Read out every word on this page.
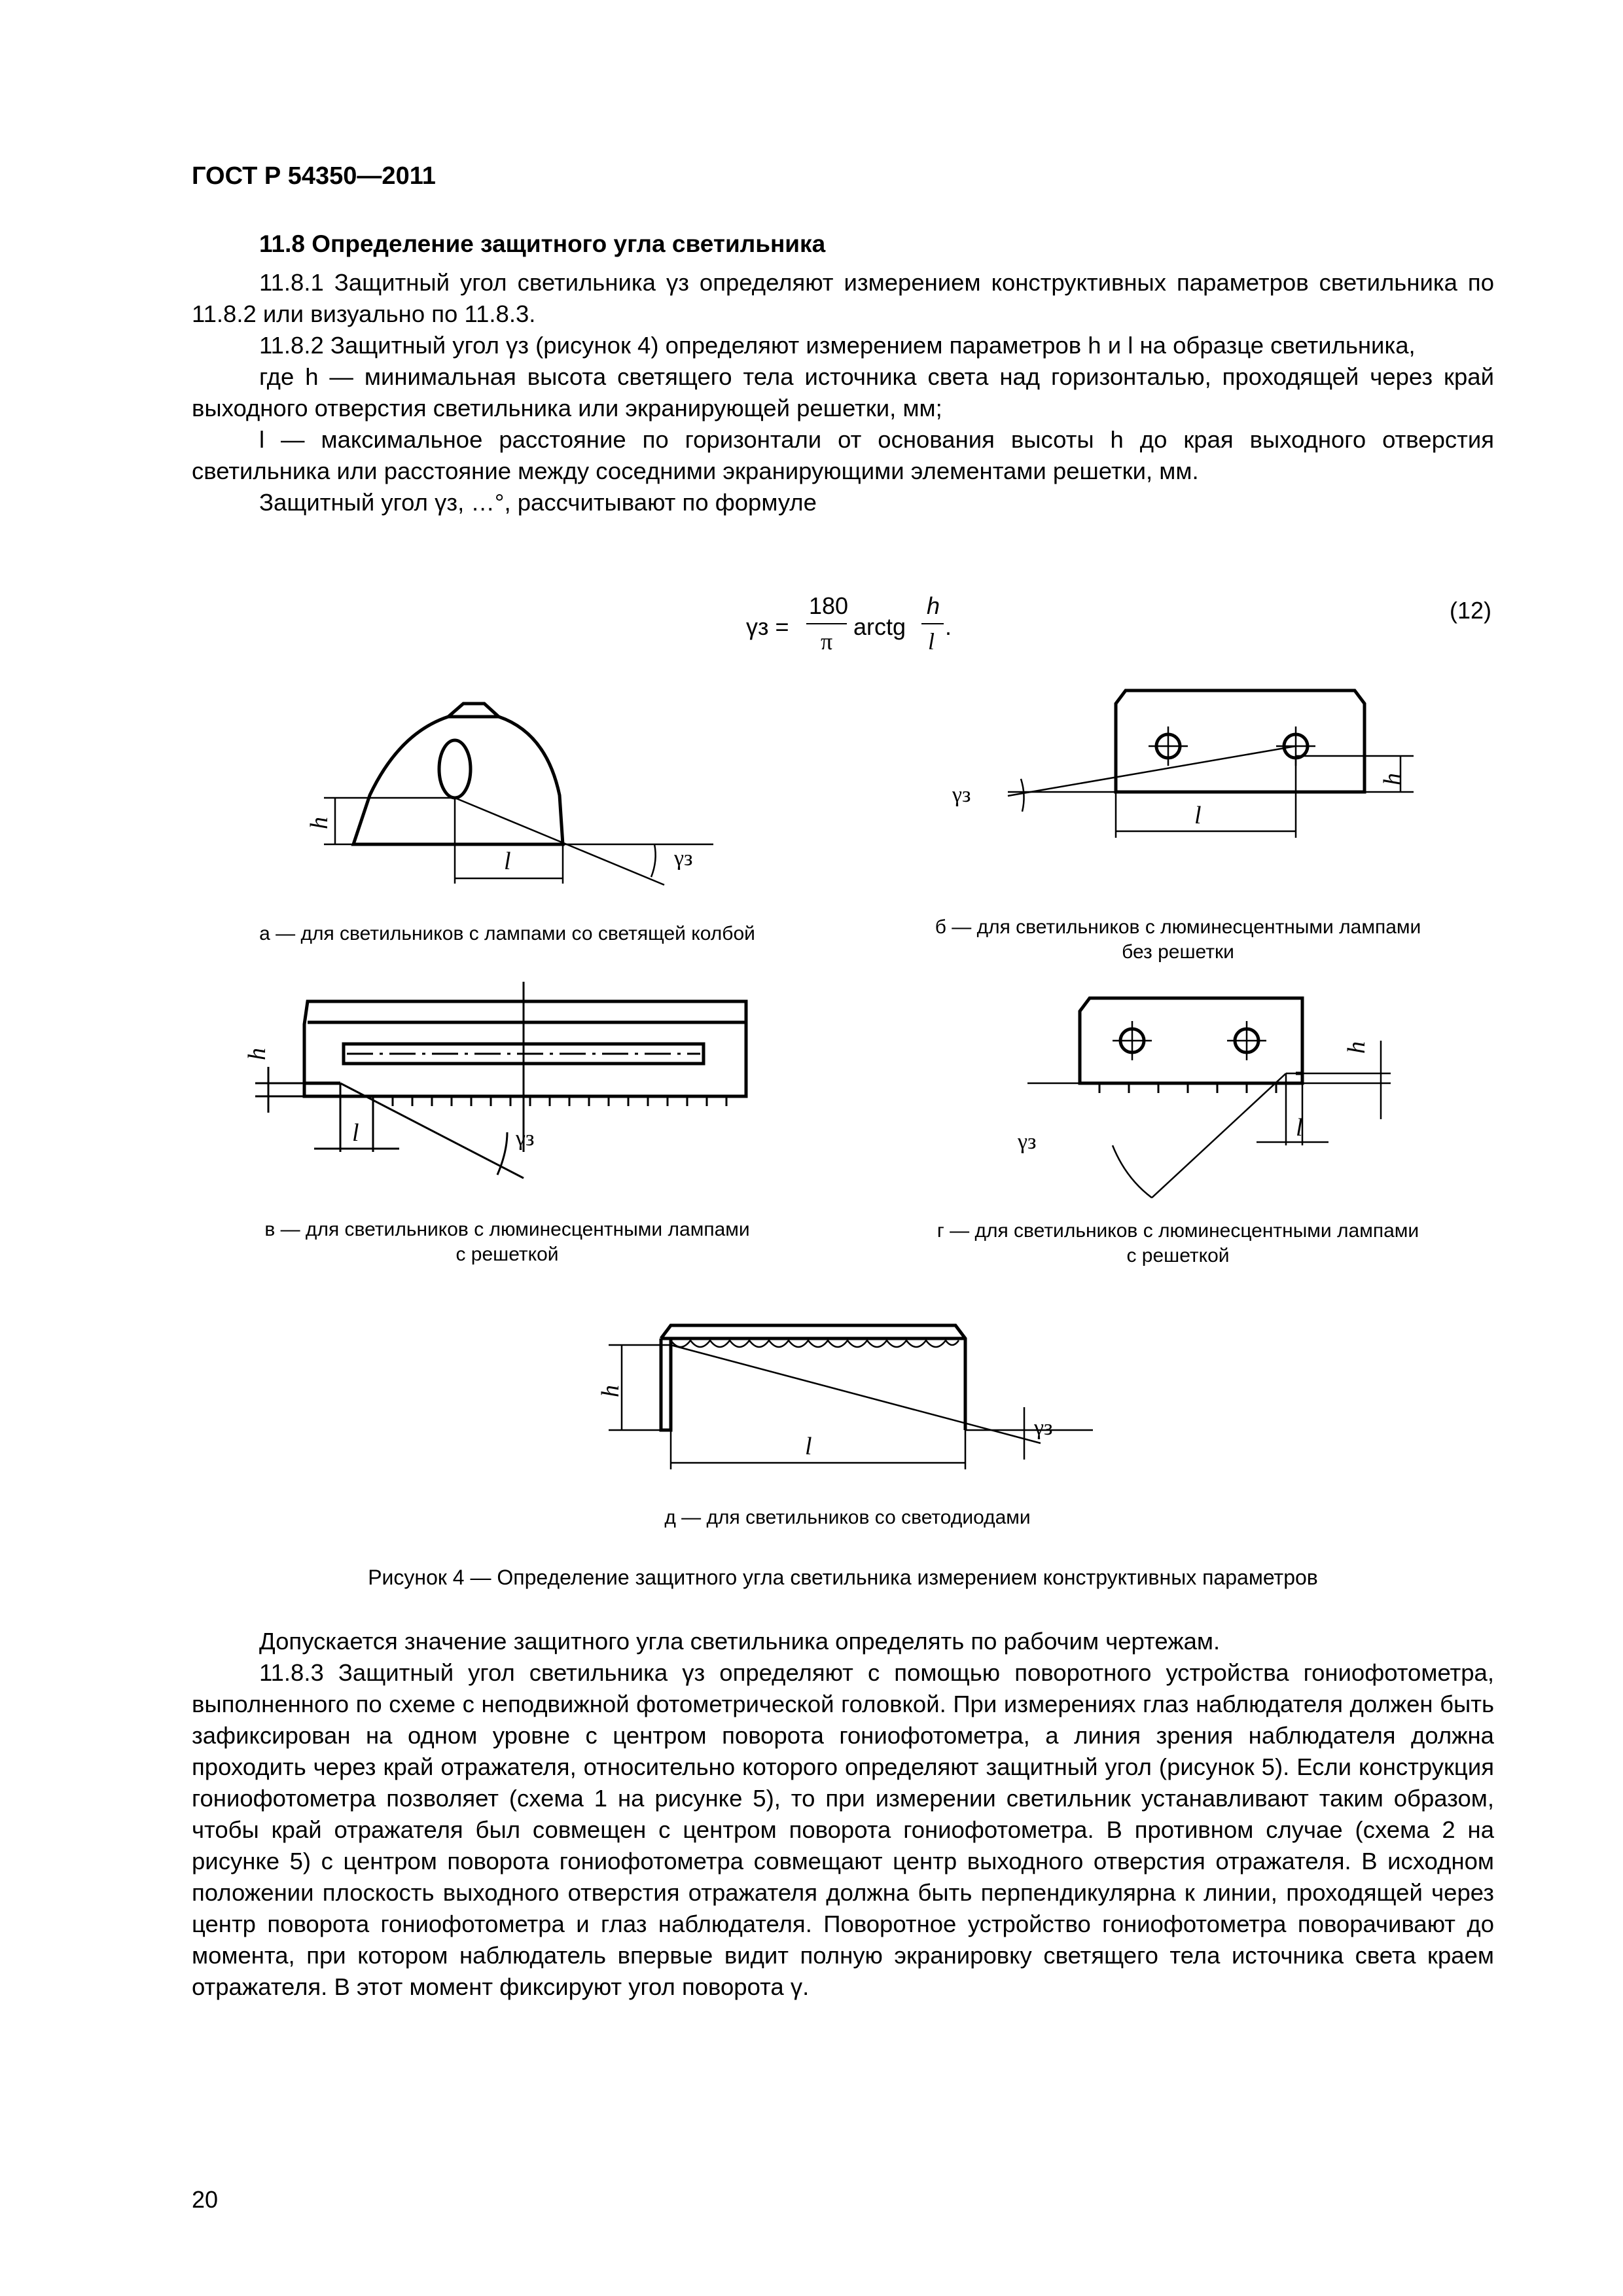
ГОСТ Р 54350—2011
11.8 Определение защитного угла светильника

11.8.1 Защитный угол светильника γз определяют измерением конструктивных параметров светильника по 11.8.2 или визуально по 11.8.3.

11.8.2 Защитный угол γз (рисунок 4) определяют измерением параметров h и l на образце светильника,

где h — минимальная высота светящего тела источника света над горизонталью, проходящей через край выходного отверстия светильника или экранирующей решетки, мм;

l — максимальное расстояние по горизонтали от основания высоты h до края выходного отверстия светильника или расстояние между соседними экранирующими элементами решетки, мм.

Защитный угол γз, …°, рассчитывают по формуле

γз =
180
π
arctg
h
l
.
(12)
h
l	γз
а — для светильников с лампами со светящей колбой
γз
l
h
б — для светильников с люминесцентными лампами
без решетки
h
l	γз
в — для светильников с люминесцентными лампами
с решеткой
γз
h
l
г — для светильников с люминесцентными лампами
с решеткой
h
l
γз
д — для светильников со светодиодами
Рисунок 4 — Определение защитного угла светильника измерением конструктивных параметров

Допускается значение защитного угла светильника определять по рабочим чертежам.

11.8.3 Защитный угол светильника γз определяют с помощью поворотного устройства гониофотометра, выполненного по схеме с неподвижной фотометрической головкой. При измерениях глаз наблюдателя должен быть зафиксирован на одном уровне с центром поворота гониофотометра, а линия зрения наблюдателя должна проходить через край отражателя, относительно которого определяют защитный угол (рисунок 5). Если конструкция гониофотометра позволяет (схема 1 на рисунке 5), то при измерении светильник устанавливают таким образом, чтобы край отражателя был совмещен с центром поворота гониофотометра. В противном случае (схема 2 на рисунке 5) с центром поворота гониофотометра совмещают центр выходного отверстия отражателя. В исходном положении плоскость выходного отверстия отражателя должна быть перпендикулярна к линии, проходящей через центр поворота гониофотометра и глаз наблюдателя. Поворотное устройство гониофотометра поворачивают до момента, при котором наблюдатель впервые видит полную экранировку светящего тела источника света краем отражателя. В этот момент фиксируют угол поворота γ.

20
